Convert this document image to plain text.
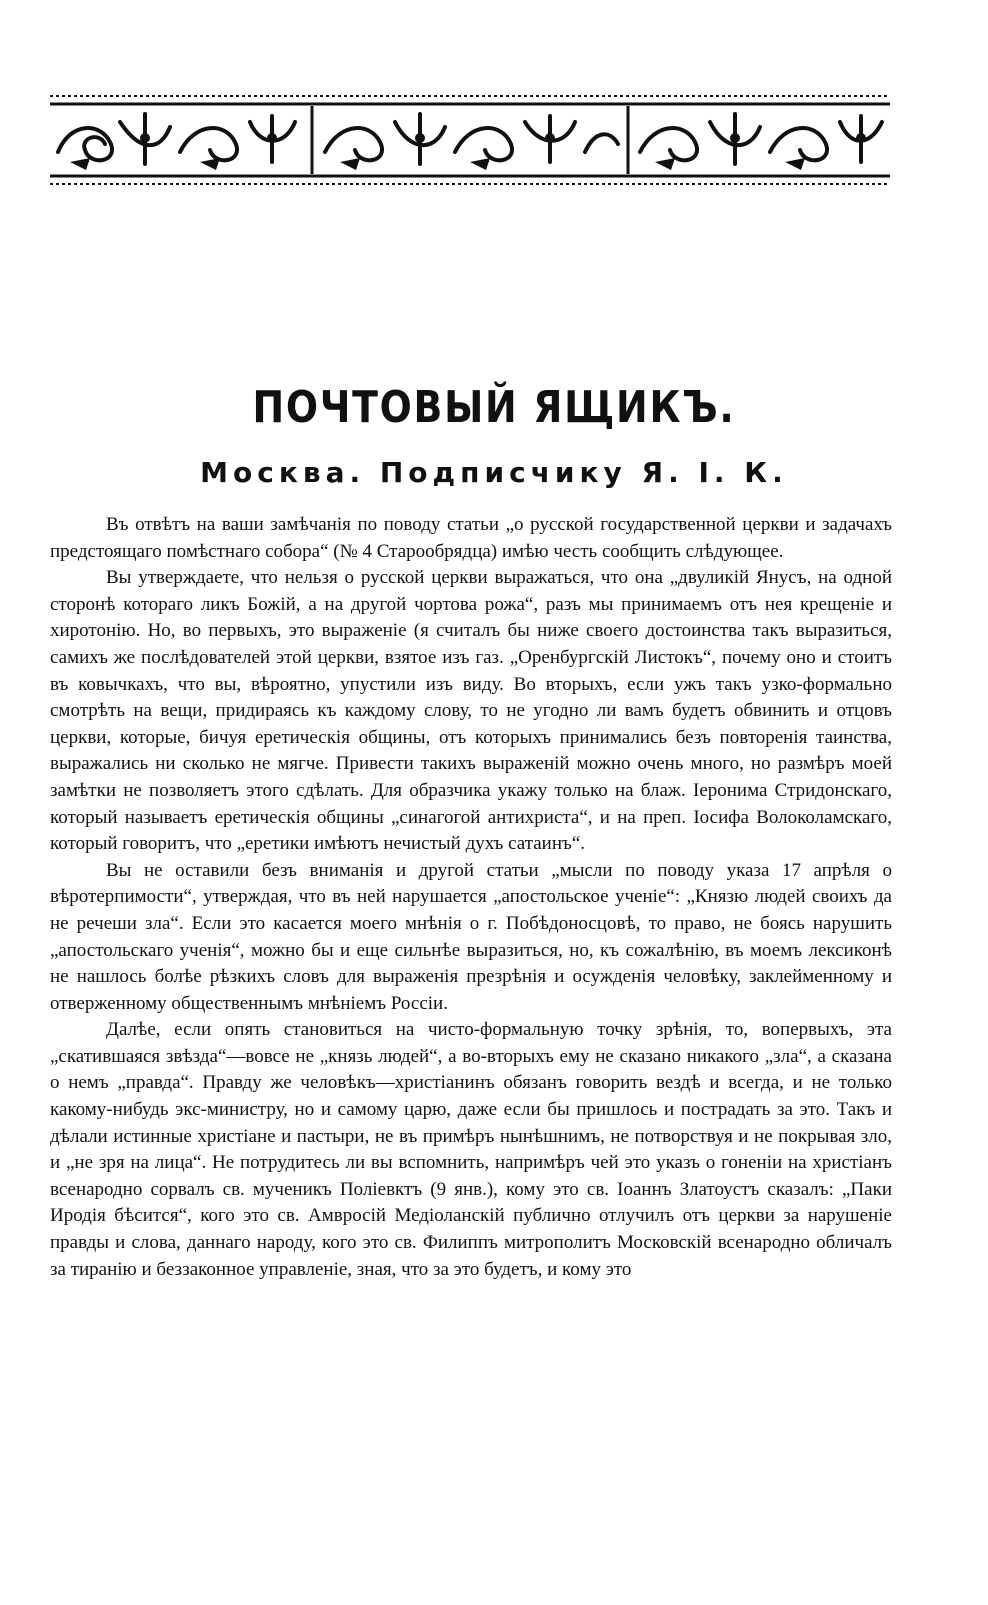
ПОЧТОВЫЙ ЯЩИКЪ.
Москва. Подписчику Я. І. К.

Въ отвѣтъ на ваши замѣчанія по поводу статьи „о русской государственной церкви и задачахъ предстоящаго помѣстнаго собора“ (№ 4 Старообрядца) имѣю честь сообщить слѣдующее.

Вы утверждаете, что нельзя о русской церкви выражаться, что она „двуликій Янусъ, на одной сторонѣ котораго ликъ Божій, а на другой чортова рожа“, разъ мы принимаемъ отъ нея крещеніе и хиротонію. Но, во первыхъ, это выраженіе (я считалъ бы ниже своего достоинства такъ выразиться, самихъ же послѣдователей этой церкви, взятое изъ газ. „Оренбургскій Листокъ“, почему оно и стоитъ въ ковычкахъ, что вы, вѣроятно, упустили изъ виду. Во вторыхъ, если ужъ такъ узко-формально смотрѣть на вещи, придираясь къ каждому слову, то не угодно ли вамъ будетъ обвинить и отцовъ церкви, которые, бичуя еретическія общины, отъ которыхъ принимались безъ повторенія таинства, выражались ни сколько не мягче. Привести такихъ выраженій можно очень много, но размѣръ моей замѣтки не позволяетъ этого сдѣлать. Для образчика укажу только на блаж. Іеронима Стридонскаго, который называетъ еретическія общины „синагогой антихриста“, и на преп. Іосифа Волоколамскаго, который говоритъ, что „еретики имѣютъ нечистый духъ сатаинъ“.

Вы не оставили безъ вниманія и другой статьи „мысли по поводу указа 17 апрѣля о вѣротерпимости“, утверждая, что въ ней нарушается „апостольское ученіе“: „Князю людей своихъ да не речеши зла“. Если это касается моего мнѣнія о г. Побѣдоносцовѣ, то право, не боясь нарушить „апостольскаго ученія“, можно бы и еще сильнѣе выразиться, но, къ сожалѣнію, въ моемъ лексиконѣ не нашлось болѣе рѣзкихъ словъ для выраженія презрѣнія и осужденія человѣку, заклейменному и отверженному общественнымъ мнѣніемъ Россіи.

Далѣе, если опять становиться на чисто-формальную точку зрѣнія, то, вопервыхъ, эта „скатившаяся звѣзда“—вовсе не „князь людей“, а во-вторыхъ ему не сказано никакого „зла“, а сказана о немъ „правда“. Правду же человѣкъ—христіанинъ обязанъ говорить вездѣ и всегда, и не только какому-нибудь экс-министру, но и самому царю, даже если бы пришлось и пострадать за это. Такъ и дѣлали истинные христіане и пастыри, не въ примѣръ нынѣшнимъ, не потворствуя и не покрывая зло, и „не зря на лица“. Не потрудитесь ли вы вспомнить, напримѣръ чей это указъ о гоненіи на христіанъ всенародно сорвалъ св. мученикъ Поліевктъ (9 янв.), кому это св. Іоаннъ Златоустъ сказалъ: „Паки Иродія бѣсится“, кого это св. Амвросій Медіоланскій публично отлучилъ отъ церкви за нарушеніе правды и слова, даннаго народу, кого это св. Филиппъ митрополитъ Московскій всенародно обличалъ за тиранію и беззаконное управленіе, зная, что за это будетъ, и кому это
